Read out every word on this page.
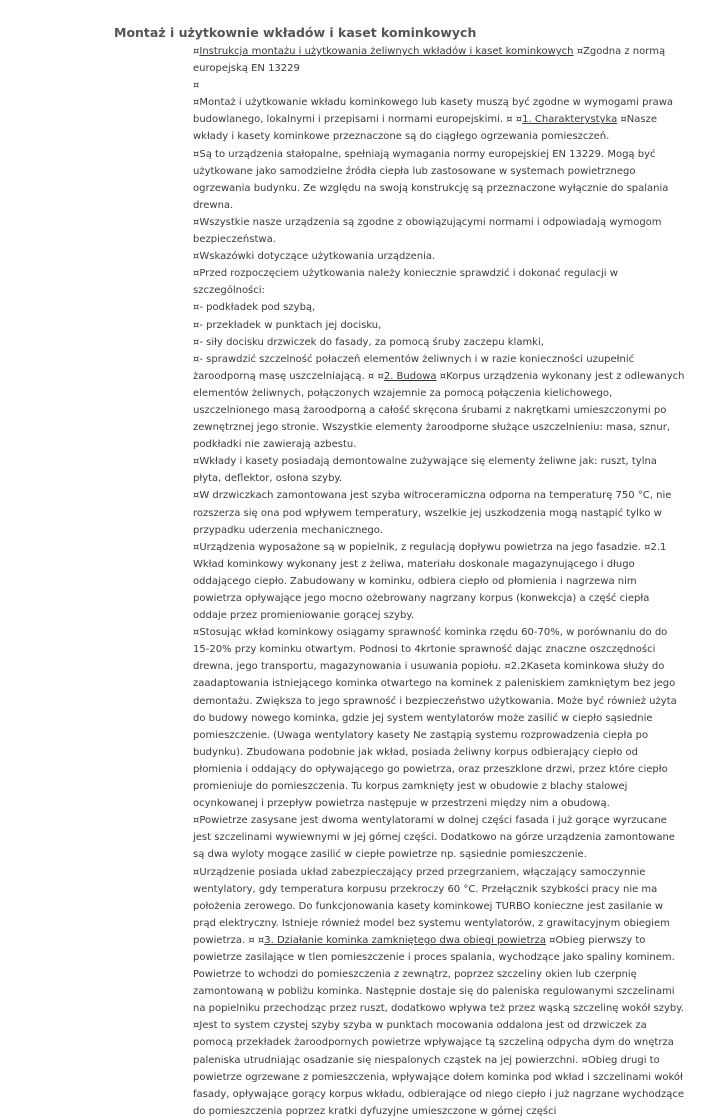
Montaż i użytkownie wkładów i kaset kominkowych

¤Instrukcja montażu i użytkowania żeliwnych wkładów i kaset kominkowych ¤Zgodna z normą europejską EN 13229

¤

¤Montaż i użytkowanie wkładu kominkowego lub kasety muszą być zgodne w wymogami prawa budowlanego, lokalnymi i przepisami i normami europejskimi. ¤ ¤1. Charakterystyka ¤Nasze wkłady i kasety kominkowe przeznaczone są do ciągłego ogrzewania pomieszczeń.

¤Są to urządzenia stałopalne, spełniają wymagania normy europejskiej EN 13229. Mogą być użytkowane jako samodzielne źródła ciepła lub zastosowane w systemach powietrznego ogrzewania budynku. Ze względu na swoją konstrukcję są przeznaczone wyłącznie do spalania drewna.

¤Wszystkie nasze urządzenia są zgodne z obowiązującymi normami i odpowiadają wymogom bezpieczeństwa.

¤Wskazówki dotyczące użytkowania urządzenia.

¤Przed rozpoczęciem użytkowania należy koniecznie sprawdzić i dokonać regulacji w szczególności:

¤- podkładek pod szybą,

¤- przekładek w punktach jej docisku,

¤- siły docisku drzwiczek do fasady, za pomocą śruby zaczepu klamki,

¤- sprawdzić szczelność połaczeń elementów żeliwnych i w razie konieczności uzupełnić żaroodporną masę uszczelniającą. ¤ ¤2. Budowa ¤Korpus urządzenia wykonany jest z odlewanych elementów żeliwnych, połączonych wzajemnie za pomocą połączenia kielichowego, uszczelnionego masą żaroodporną a całość skręcona śrubami z nakrętkami umieszczonymi po zewnętrznej jego stronie. Wszystkie elementy żaroodporne służące uszczelnieniu: masa, sznur, podkładki nie zawierają azbestu.

¤Wkłady i kasety posiadają demontowalne zużywające się elementy żeliwne jak: ruszt, tylna płyta, deflektor, osłona szyby.

¤W drzwiczkach zamontowana jest szyba witroceramiczna odporna na temperaturę 750 °C, nie rozszerza się ona pod wpływem temperatury, wszelkie jej uszkodzenia mogą nastąpić tylko w przypadku uderzenia mechanicznego.

¤Urządzenia wyposażone są w popielnik, z regulacją dopływu powietrza na jego fasadzie. ¤2.1 Wkład kominkowy wykonany jest z żeliwa, materiału doskonale magazynującego i długo oddającego ciepło. Zabudowany w kominku, odbiera ciepło od płomienia i nagrzewa nim powietrza opływające jego mocno ożebrowany nagrzany korpus (konwekcja) a część ciepła oddaje przez promieniowanie gorącej szyby.

¤Stosując wkład kominkowy osiągamy sprawność kominka rzędu 60-70%, w porównaniu do do 15-20% przy kominku otwartym. Podnosi to 4krtonie sprawność dając znaczne oszczędności drewna, jego transportu, magazynowania i usuwania popiołu. ¤2.2Kaseta kominkowa służy do zaadaptowania istniejącego kominka otwartego na kominek z paleniskiem zamkniętym bez jego demontażu. Zwiększa to jego sprawność i bezpieczeństwo użytkowania. Może być również użyta do budowy nowego kominka, gdzie jej system wentylatorów może zasilić w ciepło sąsiednie pomieszczenie. (Uwaga wentylatory kasety Ne zastąpią systemu rozprowadzenia ciepła po budynku). Zbudowana podobnie jak wkład, posiada żeliwny korpus odbierający ciepło od płomienia i oddający do opływającego go powietrza, oraz przeszklone drzwi, przez które ciepło promieniuje do pomieszczenia. Tu korpus zamknięty jest w obudowie z blachy stalowej ocynkowanej i przepływ powietrza następuje w przestrzeni między nim a obudową.

¤Powietrze zasysane jest dwoma wentylatorami w dolnej części fasada i już gorące wyrzucane jest szczelinami wywiewnymi w jej górnej części. Dodatkowo na górze urządzenia zamontowane są dwa wyloty mogące zasilić w ciepłe powietrze np. sąsiednie pomieszczenie.

¤Urządzenie posiada układ zabezpieczający przed przegrzaniem, włączający samoczynnie wentylatory, gdy temperatura korpusu przekroczy 60 °C. Przełącznik szybkości pracy nie ma położenia zerowego. Do funkcjonowania kasety kominkowej TURBO konieczne jest zasilanie w prąd elektryczny. Istnieje również model bez systemu wentylatorów, z grawitacyjnym obiegiem powietrza. ¤ ¤3. Działanie kominka zamkniętego dwa obiegi powietrza ¤Obieg pierwszy to powietrze zasilające w tlen pomieszczenie i proces spalania, wychodzące jako spaliny kominem. Powietrze to wchodzi do pomieszczenia z zewnątrz, poprzez szczeliny okien lub czerpnię zamontowaną w pobliżu kominka. Następnie dostaje się do paleniska regulowanymi szczelinami na popielniku przechodząc przez ruszt, dodatkowo wpływa też przez wąską szczelinę wokół szyby.

¤Jest to system czystej szyby szyba w punktach mocowania oddalona jest od drzwiczek za pomocą przekładek żaroodpornych powietrze wpływające tą szczeliną odpycha dym do wnętrza paleniska utrudniając osadzanie się niespalonych cząstek na jej powierzchni. ¤Obieg drugi to powietrze ogrzewane z pomieszczenia, wpływające dołem kominka pod wkład i szczelinami wokół fasady, opływające gorący korpus wkładu, odbierające od niego ciepło i już nagrzane wychodzące do pomieszczenia poprzez kratki dyfuzyjne umieszczone w górnej części
